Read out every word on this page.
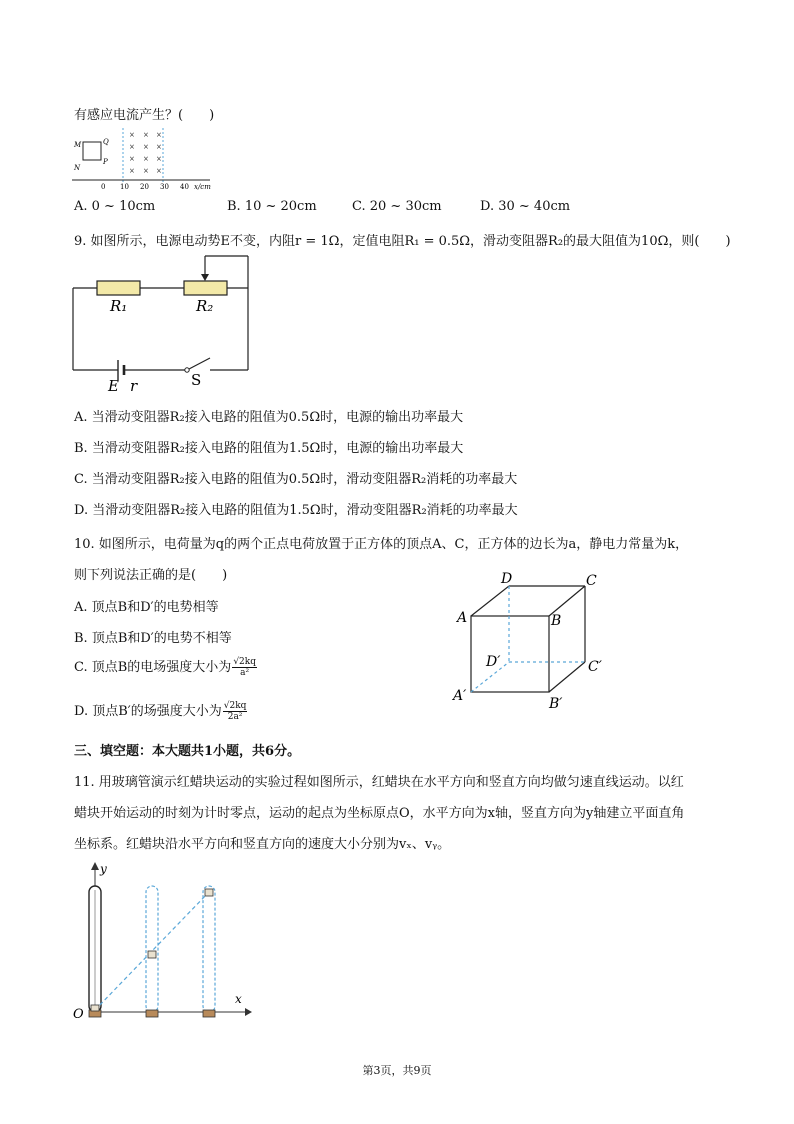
有感应电流产生？(　　)
M
N
Q
P
× × ×
× × ×
× × ×
× × ×
0 10 20 30 40 x/cm
A. 0 ~ 10cm	B. 10 ~ 20cm	C. 20 ~ 30cm	D. 30 ~ 40cm
9. 如图所示，电源电动势E不变，内阻r = 1Ω，定值电阻R₁ = 0.5Ω，滑动变阻器R₂的最大阻值为10Ω，则(　　)
R₁	R₂
E r	S
A. 当滑动变阻器R₂接入电路的阻值为0.5Ω时，电源的输出功率最大
B. 当滑动变阻器R₂接入电路的阻值为1.5Ω时，电源的输出功率最大
C. 当滑动变阻器R₂接入电路的阻值为0.5Ω时，滑动变阻器R₂消耗的功率最大
D. 当滑动变阻器R₂接入电路的阻值为1.5Ω时，滑动变阻器R₂消耗的功率最大
10. 如图所示，电荷量为q的两个正点电荷放置于正方体的顶点A、C，正方体的边长为a，静电力常量为k，
则下列说法正确的是(　　)
A. 顶点B和D′的电势相等
B. 顶点B和D′的电势不相等
C. 顶点B的电场强度大小为 $\frac{√2kq}{\text{a²}}$
D. 顶点B′的场强度大小为 $\frac{√2kq}{\text{2a²}}$
D	C
A	B
D′	C′
A′	B′
三、填空题：本大题共1小题，共6分。
11. 用玻璃管演示红蜡块运动的实验过程如图所示，红蜡块在水平方向和竖直方向均做匀速直线运动。以红
蜡块开始运动的时刻为计时零点，运动的起点为坐标原点O，水平方向为x轴，竖直方向为y轴建立平面直角
坐标系。红蜡块沿水平方向和竖直方向的速度大小分别为vₓ、vᵧ。
y
x
O
第3页，共9页
